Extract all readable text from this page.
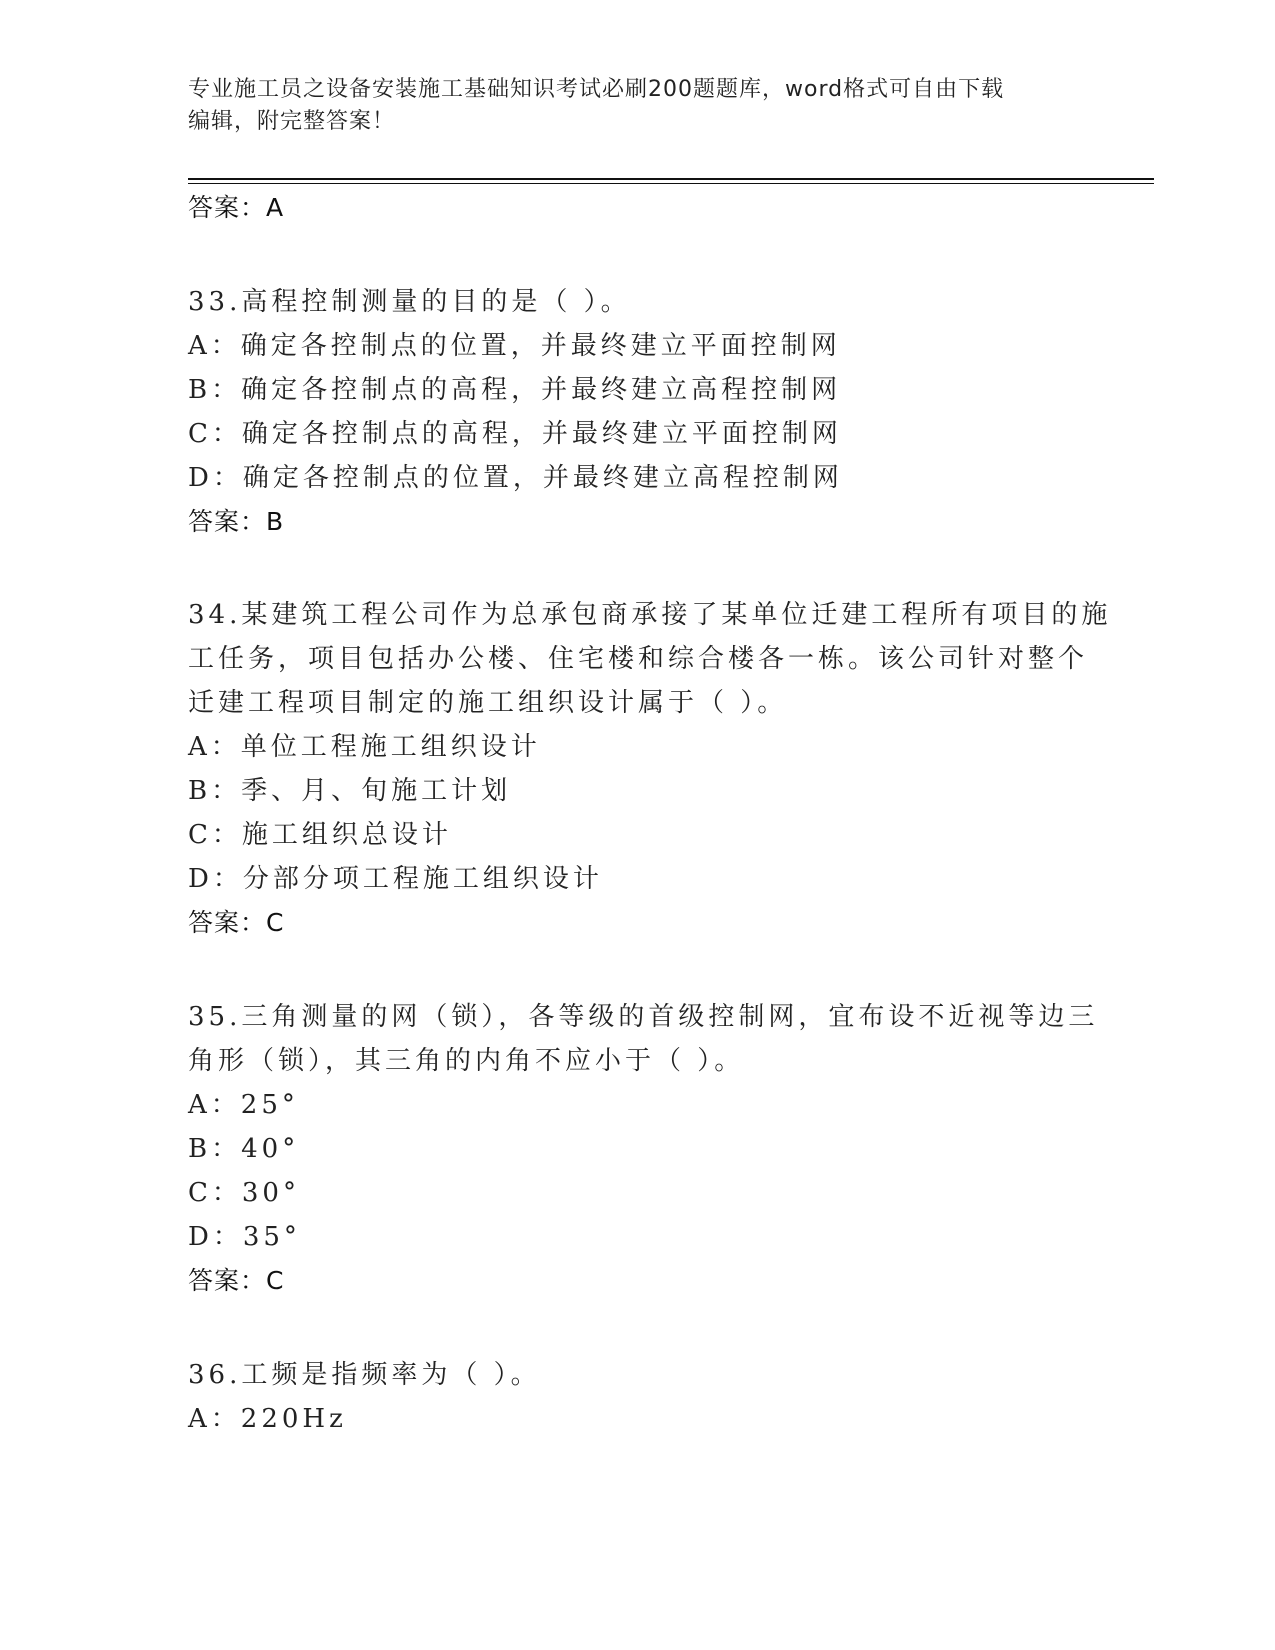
专业施工员之设备安装施工基础知识考试必刷200题题库，word格式可自由下载
编辑，附完整答案！
答案：A
33.高程控制测量的目的是（ ）。
A：确定各控制点的位置，并最终建立平面控制网
B：确定各控制点的高程，并最终建立高程控制网
C：确定各控制点的高程，并最终建立平面控制网
D：确定各控制点的位置，并最终建立高程控制网
答案：B
34.某建筑工程公司作为总承包商承接了某单位迁建工程所有项目的施
工任务，项目包括办公楼、住宅楼和综合楼各一栋。该公司针对整个
迁建工程项目制定的施工组织设计属于（ ）。
A：单位工程施工组织设计
B：季、月、旬施工计划
C：施工组织总设计
D：分部分项工程施工组织设计
答案：C
35.三角测量的网（锁），各等级的首级控制网，宜布设不近视等边三
角形（锁），其三角的内角不应小于（ ）。
A：25°
B：40°
C：30°
D：35°
答案：C
36.工频是指频率为（ ）。
A：220Hz
